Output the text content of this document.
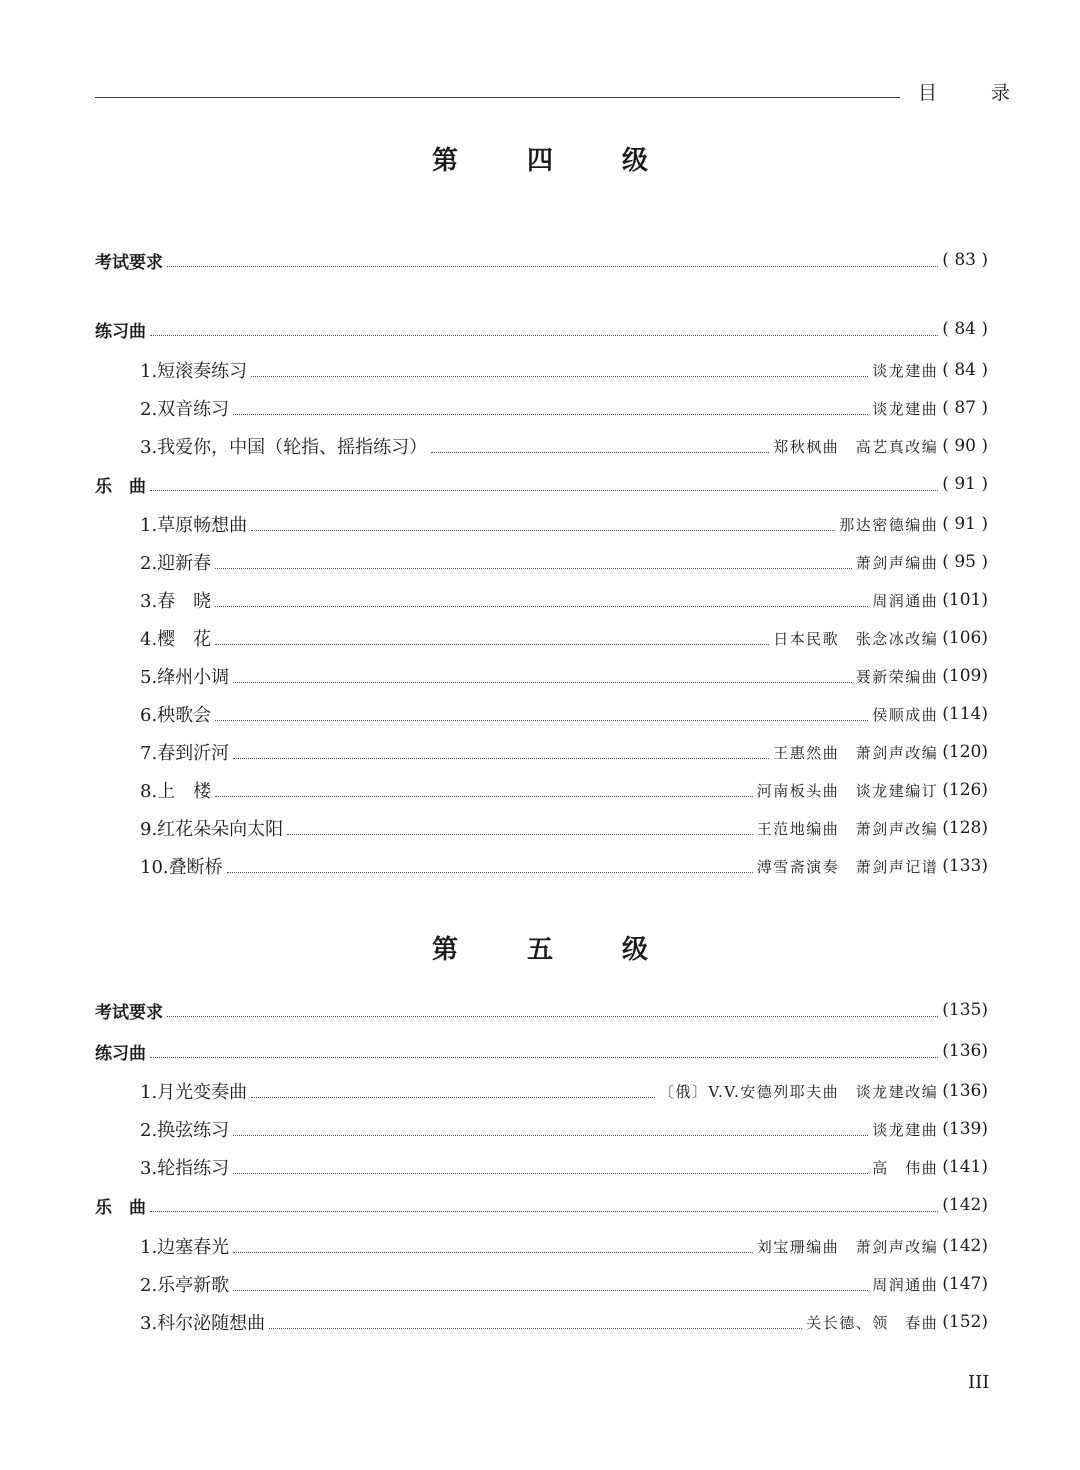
目 录
第 四 级
考试要求	( 83 )
练习曲	( 84 )
1.短滚奏练习	谈龙建曲 ( 84 )
2.双音练习	谈龙建曲 ( 87 )
3.我爱你，中国（轮指、摇指练习）	郑秋枫曲　高艺真改编 ( 90 )
乐　曲	( 91 )
1.草原畅想曲	那达密德编曲 ( 91 )
2.迎新春	萧剑声编曲 ( 95 )
3.春　晓	周润通曲 (101)
4.樱　花	日本民歌　张念冰改编 (106)
5.绛州小调	聂新荣编曲 (109)
6.秧歌会	侯顺成曲 (114)
7.春到沂河	王惠然曲　萧剑声改编 (120)
8.上　楼	河南板头曲　谈龙建编订 (126)
9.红花朵朵向太阳	王范地编曲　萧剑声改编 (128)
10.叠断桥	溥雪斋演奏　萧剑声记谱 (133)
第 五 级
考试要求	(135)
练习曲	(136)
1.月光变奏曲	〔俄〕V.V.安德列耶夫曲　谈龙建改编 (136)
2.换弦练习	谈龙建曲 (139)
3.轮指练习	高　伟曲 (141)
乐　曲	(142)
1.边塞春光	刘宝珊编曲　萧剑声改编 (142)
2.乐亭新歌	周润通曲 (147)
3.科尔泌随想曲	关长德、领　春曲 (152)
III
